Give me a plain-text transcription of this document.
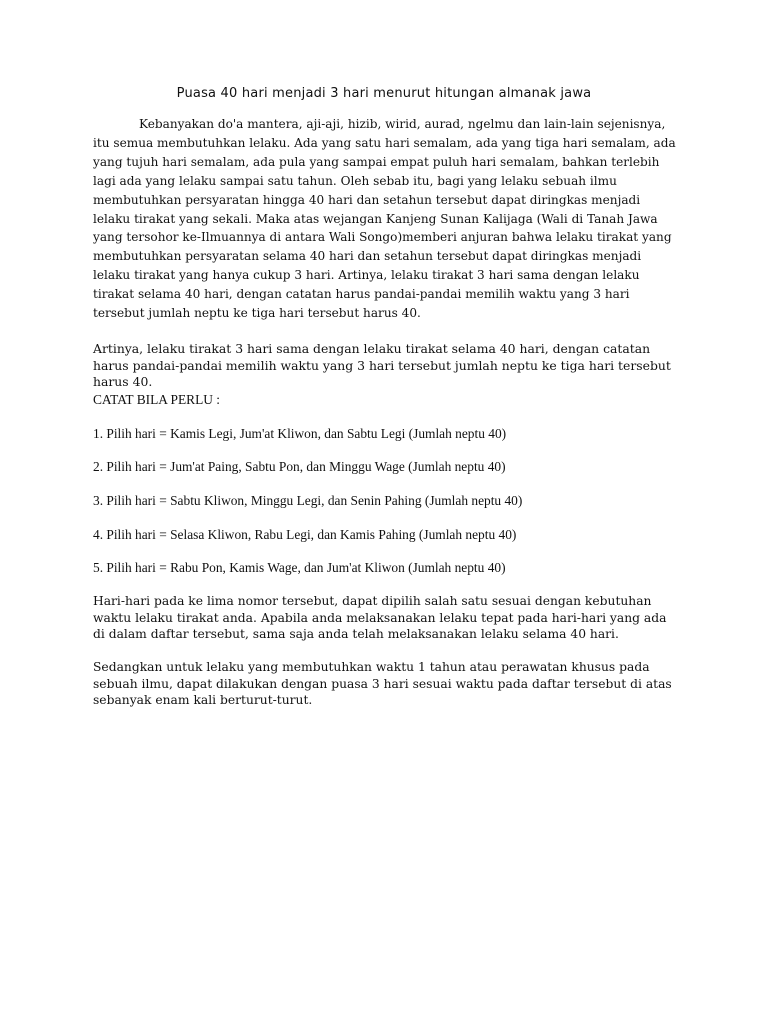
Puasa 40 hari menjadi 3 hari menurut hitungan almanak jawa

Kebanyakan do'a mantera, aji-aji, hizib, wirid, aurad, ngelmu dan lain-lain sejenisnya, itu semua membutuhkan lelaku. Ada yang satu hari semalam, ada yang tiga hari semalam, ada yang tujuh hari semalam, ada pula yang sampai empat puluh hari semalam, bahkan terlebih lagi ada yang lelaku sampai satu tahun. Oleh sebab itu, bagi yang lelaku sebuah ilmu membutuhkan persyaratan hingga 40 hari dan setahun tersebut dapat diringkas menjadi lelaku tirakat yang sekali. Maka atas wejangan Kanjeng Sunan Kalijaga (Wali di Tanah Jawa yang tersohor ke-Ilmuannya di antara Wali Songo)memberi anjuran bahwa lelaku tirakat yang membutuhkan persyaratan selama 40 hari dan setahun tersebut dapat diringkas menjadi lelaku tirakat yang hanya cukup 3 hari. Artinya, lelaku tirakat 3 hari sama dengan lelaku tirakat selama 40 hari, dengan catatan harus pandai-pandai memilih waktu yang 3 hari tersebut jumlah neptu ke tiga hari tersebut harus 40.

Artinya, lelaku tirakat 3 hari sama dengan lelaku tirakat selama 40 hari, dengan catatan harus pandai-pandai memilih waktu yang 3 hari tersebut jumlah neptu ke tiga hari tersebut harus 40.

CATAT BILA PERLU :

1. Pilih hari = Kamis Legi, Jum'at Kliwon, dan Sabtu Legi (Jumlah neptu 40)

2. Pilih hari = Jum'at Paing, Sabtu Pon, dan Minggu Wage (Jumlah neptu 40)

3. Pilih hari = Sabtu Kliwon, Minggu Legi, dan Senin Pahing (Jumlah neptu 40)

4. Pilih hari = Selasa Kliwon, Rabu Legi, dan Kamis Pahing (Jumlah neptu 40)

5. Pilih hari = Rabu Pon, Kamis Wage, dan Jum'at Kliwon (Jumlah neptu 40)

Hari-hari pada ke lima nomor tersebut, dapat dipilih salah satu sesuai dengan kebutuhan waktu lelaku tirakat anda. Apabila anda melaksanakan lelaku tepat pada hari-hari yang ada di dalam daftar tersebut, sama saja anda telah melaksanakan lelaku selama 40 hari.

Sedangkan untuk lelaku yang membutuhkan waktu 1 tahun atau perawatan khusus pada sebuah ilmu, dapat dilakukan dengan puasa 3 hari sesuai waktu pada daftar tersebut di atas sebanyak enam kali berturut-turut.
